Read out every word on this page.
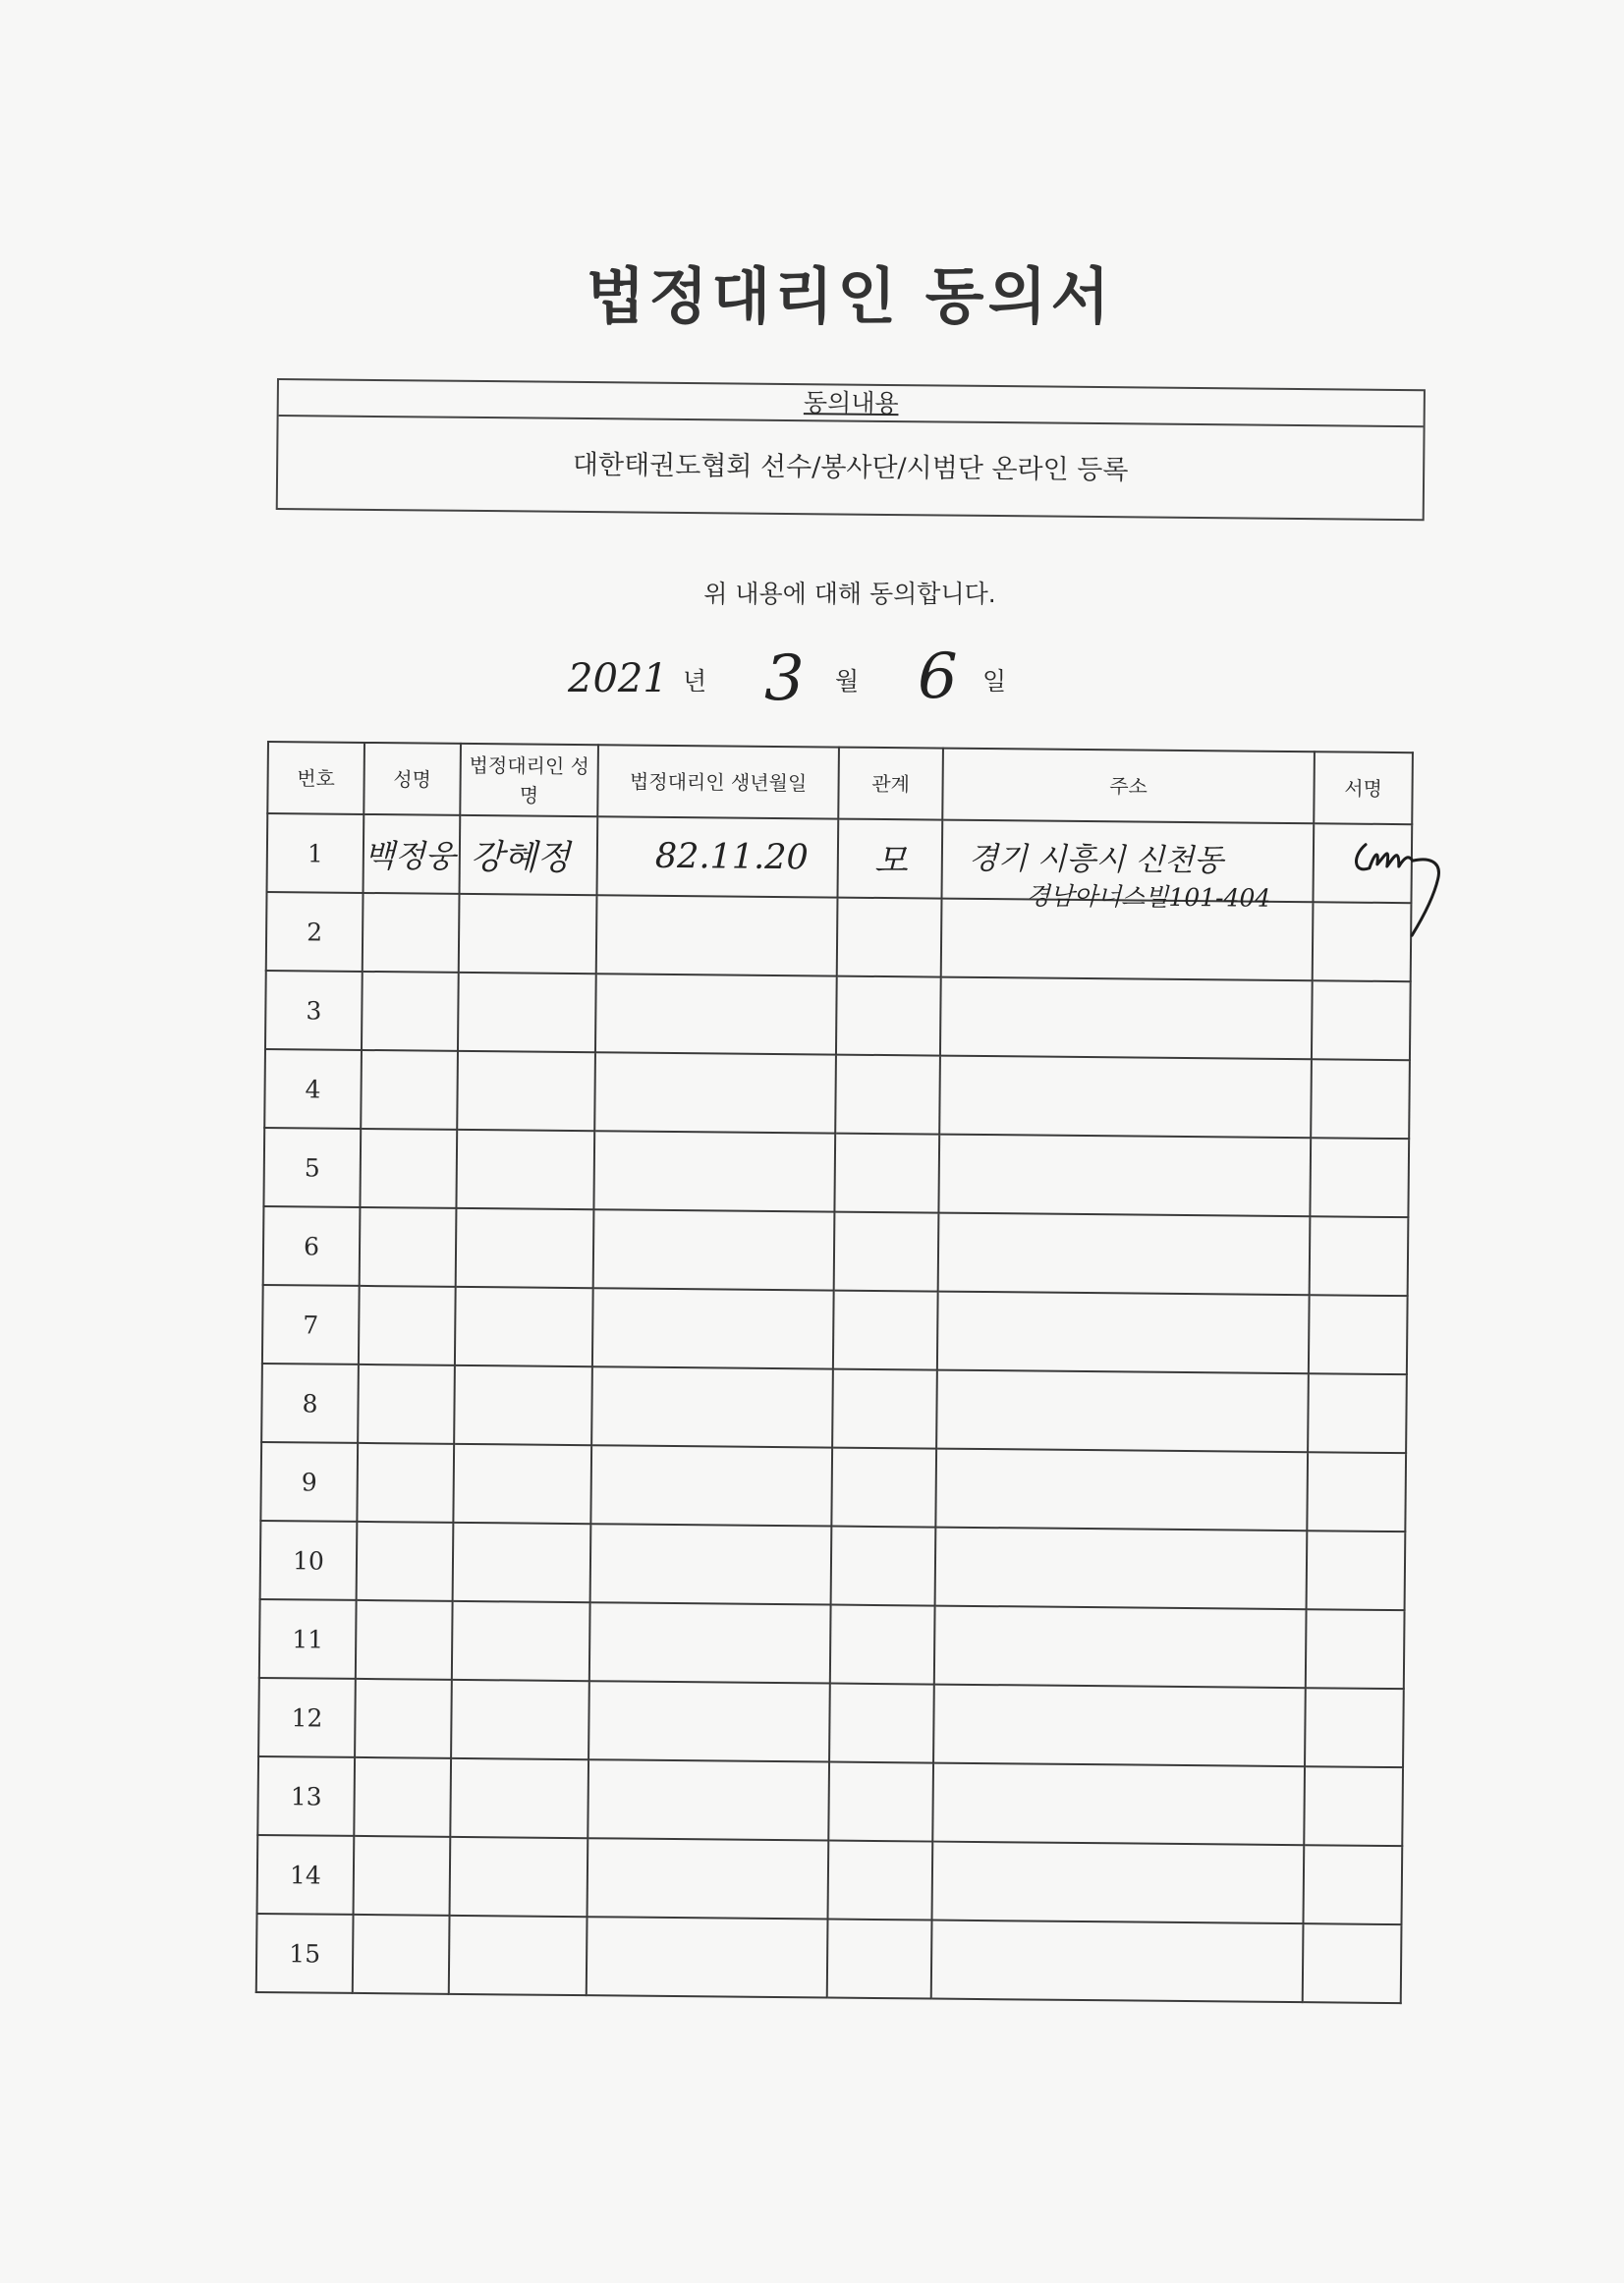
법정대리인 동의서
동의내용
대한태권도협회 선수/봉사단/시범단 온라인 등록
위 내용에 대해 동의합니다.
2021 년 3 월 6 일
번호	성명	법정대리인 성명	법정대리인 생년월일	관계	주소	서명
1	백정웅	강혜정	82.11.20	모	경기 시흥시 신천동
경남아너스빌101-404

2						
3						
4						
5						
6						
7						
8						
9						
10						
11						
12						
13						
14						
15						
